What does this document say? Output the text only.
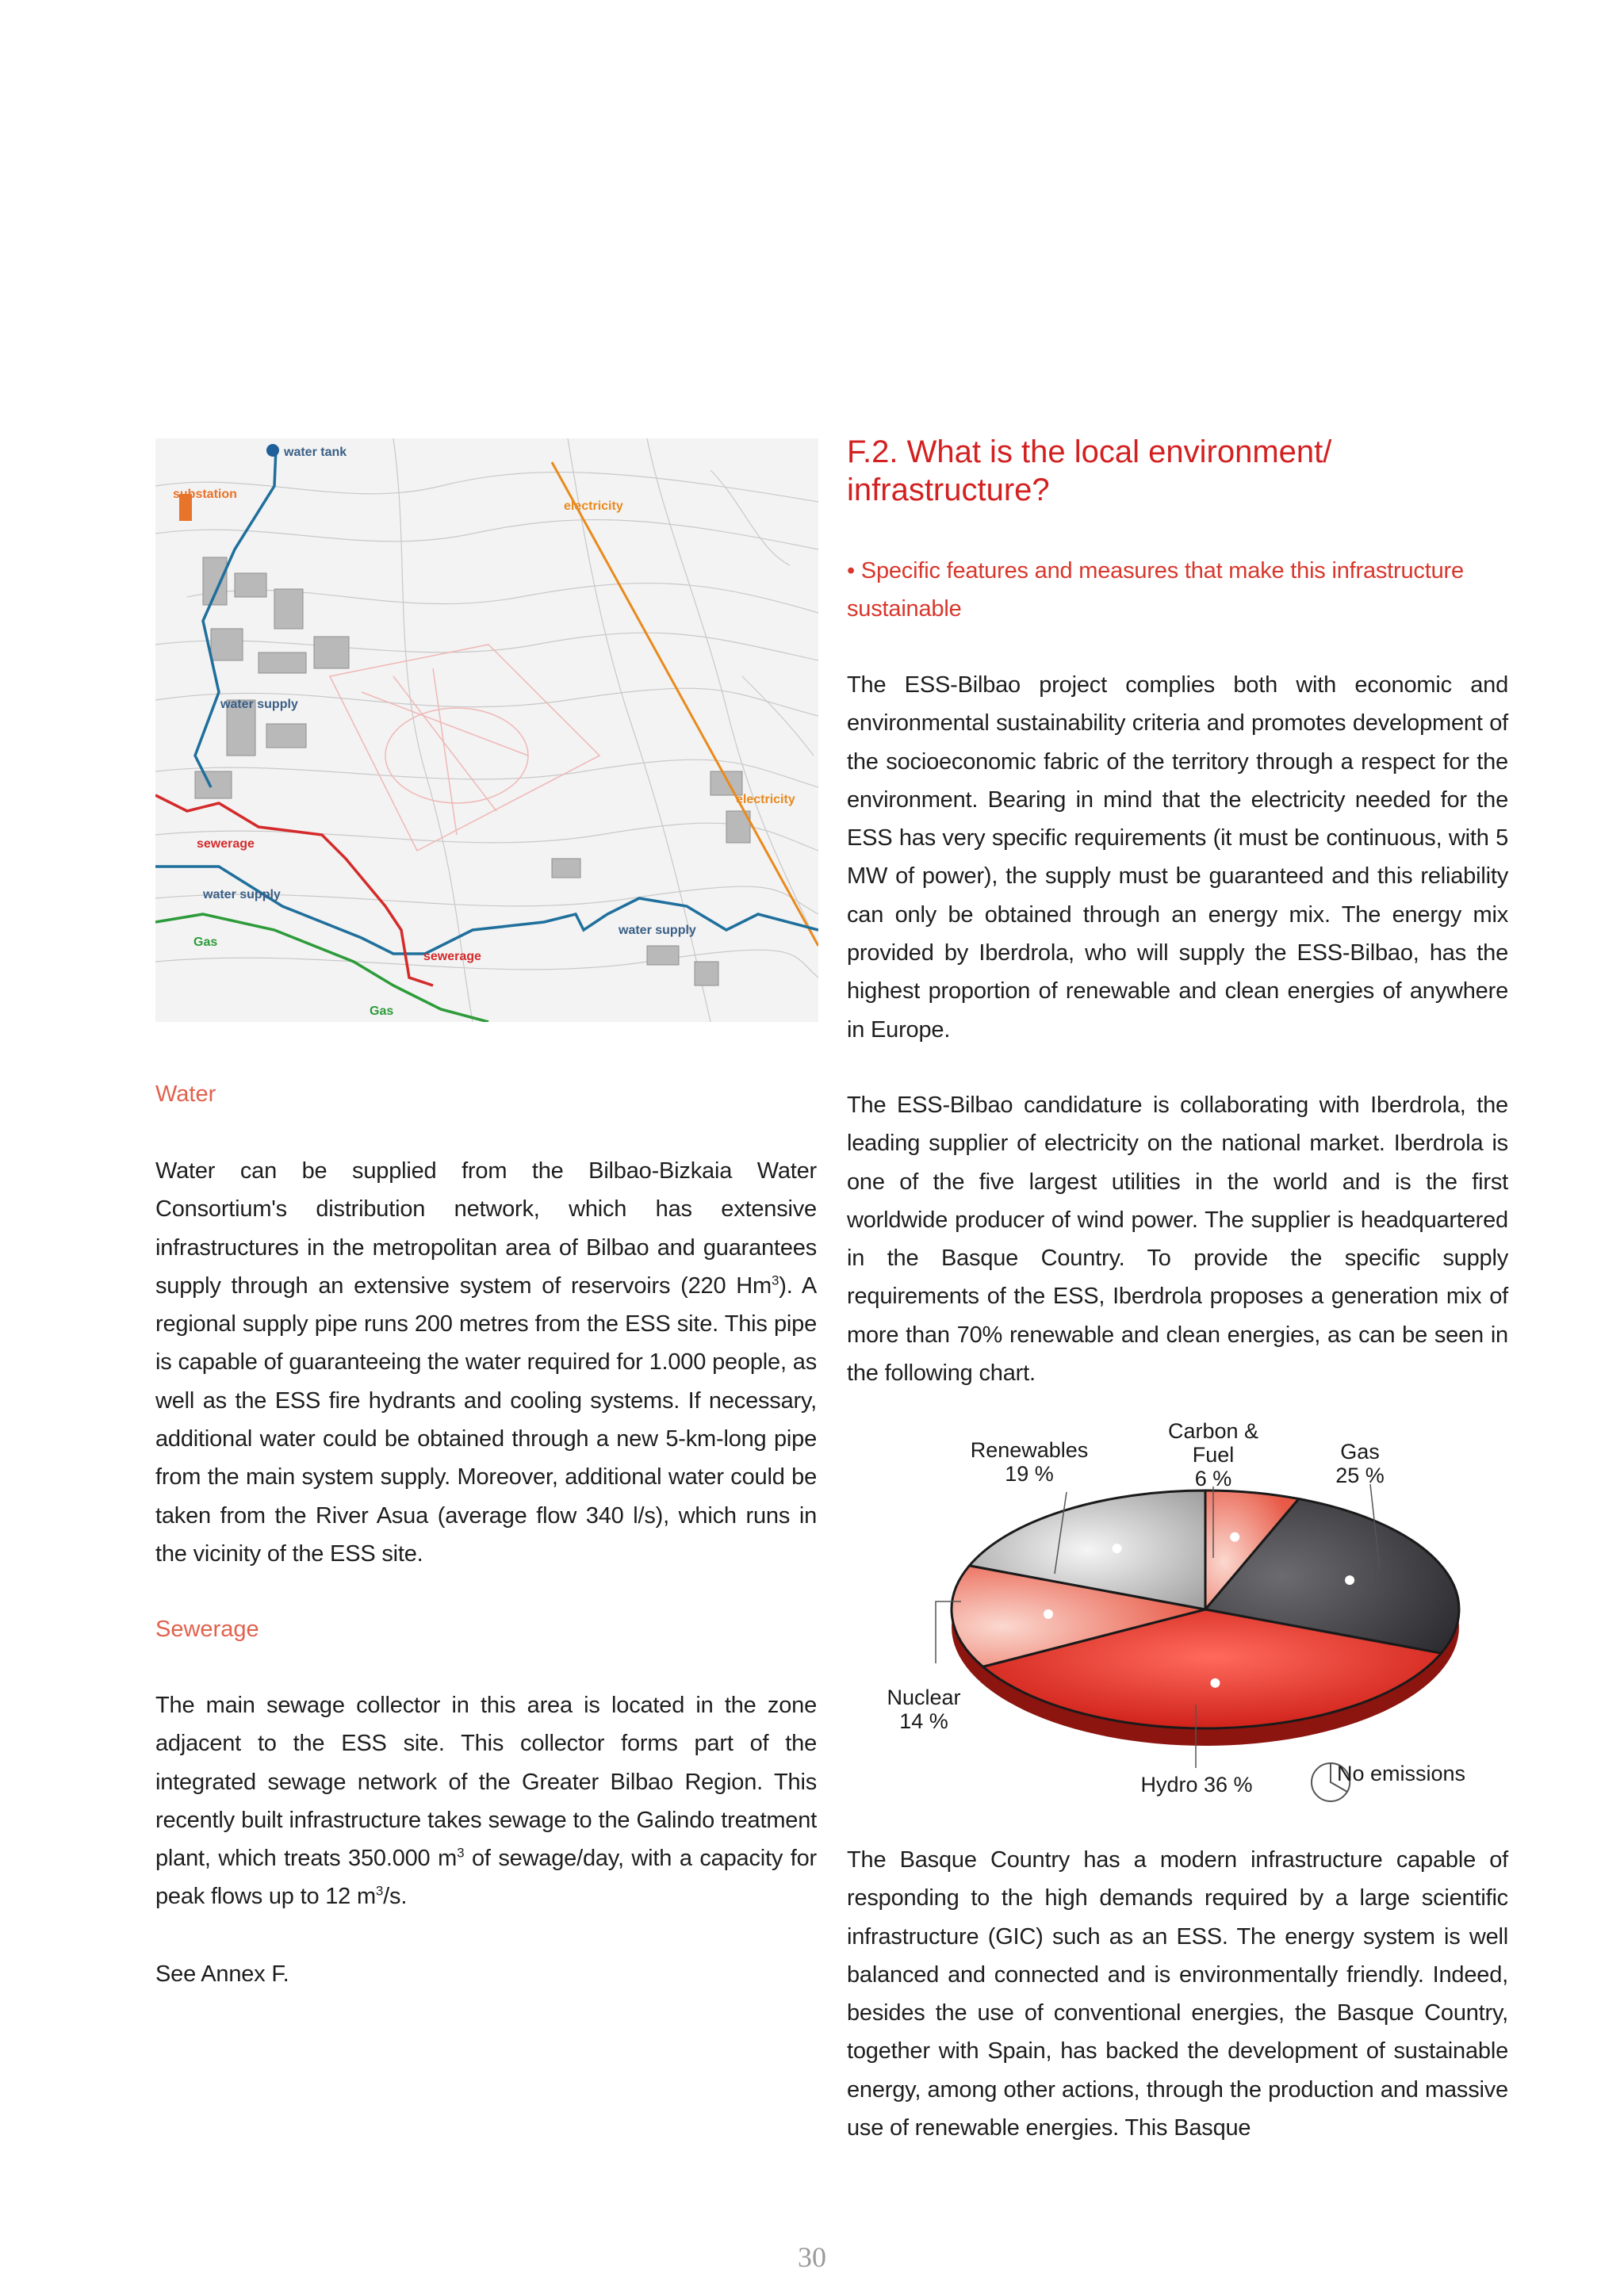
water tank
substation
electricity
water supply
electricity
sewerage
water supply
Gas
sewerage
water supply
Gas

Water

Water can be supplied from the Bilbao-Bizkaia Water Consortium's distribution network, which has extensive infrastructures in the metropolitan area of Bilbao and guarantees supply through an extensive system of reservoirs (220 Hm$^3$). A regional supply pipe runs 200 metres from the ESS site. This pipe is capable of guaranteeing the water required for 1.000 people, as well as the ESS fire hydrants and cooling systems. If necessary, additional water could be obtained through a new 5-km-long pipe from the main system supply. Moreover, additional water could be taken from the River Asua (average flow 340 l/s), which runs in the vicinity of the ESS site.

Sewerage

The main sewage collector in this area is located in the zone adjacent to the ESS site. This collector forms part of the integrated sewage network of the Greater Bilbao Region. This recently built infrastructure takes sewage to the Galindo treatment plant, which treats 350.000 $m^3$ of sewage/day, with a capacity for peak flows up to 12 $m^3/s$.

See Annex F.

F.2. What is the local environment/
infrastructure?

• Specific features and measures that make this infrastructure sustainable

The ESS-Bilbao project complies both with economic and environmental sustainability criteria and promotes development of the socioeconomic fabric of the territory through a respect for the environment. Bearing in mind that the electricity needed for the ESS has very specific requirements (it must be continuous, with 5 MW of power), the supply must be guaranteed and this reliability can only be obtained through an energy mix. The energy mix provided by Iberdrola, who will supply the ESS-Bilbao, has the highest proportion of renewable and clean energies of anywhere in Europe.

The ESS-Bilbao candidature is collaborating with Iberdrola, the leading supplier of electricity on the national market. Iberdrola is one of the five largest utilities in the world and is the first worldwide producer of wind power. The supplier is headquartered in the Basque Country. To provide the specific supply requirements of the ESS, Iberdrola proposes a generation mix of more than 70% renewable and clean energies, as can be seen in the following chart.

Carbon & Fuel
6 %
Gas
25 %
Renewables
19 %
Nuclear
14 %
Hydro 36 %	No emissions

The Basque Country has a modern infrastructure capable of responding to the high demands required by a large scientific infrastructure (GIC) such as an ESS. The energy system is well balanced and connected and is environmentally friendly. Indeed, besides the use of conventional energies, the Basque Country, together with Spain, has backed the development of sustainable energy, among other actions, through the production and massive use of renewable energies. This Basque

30
